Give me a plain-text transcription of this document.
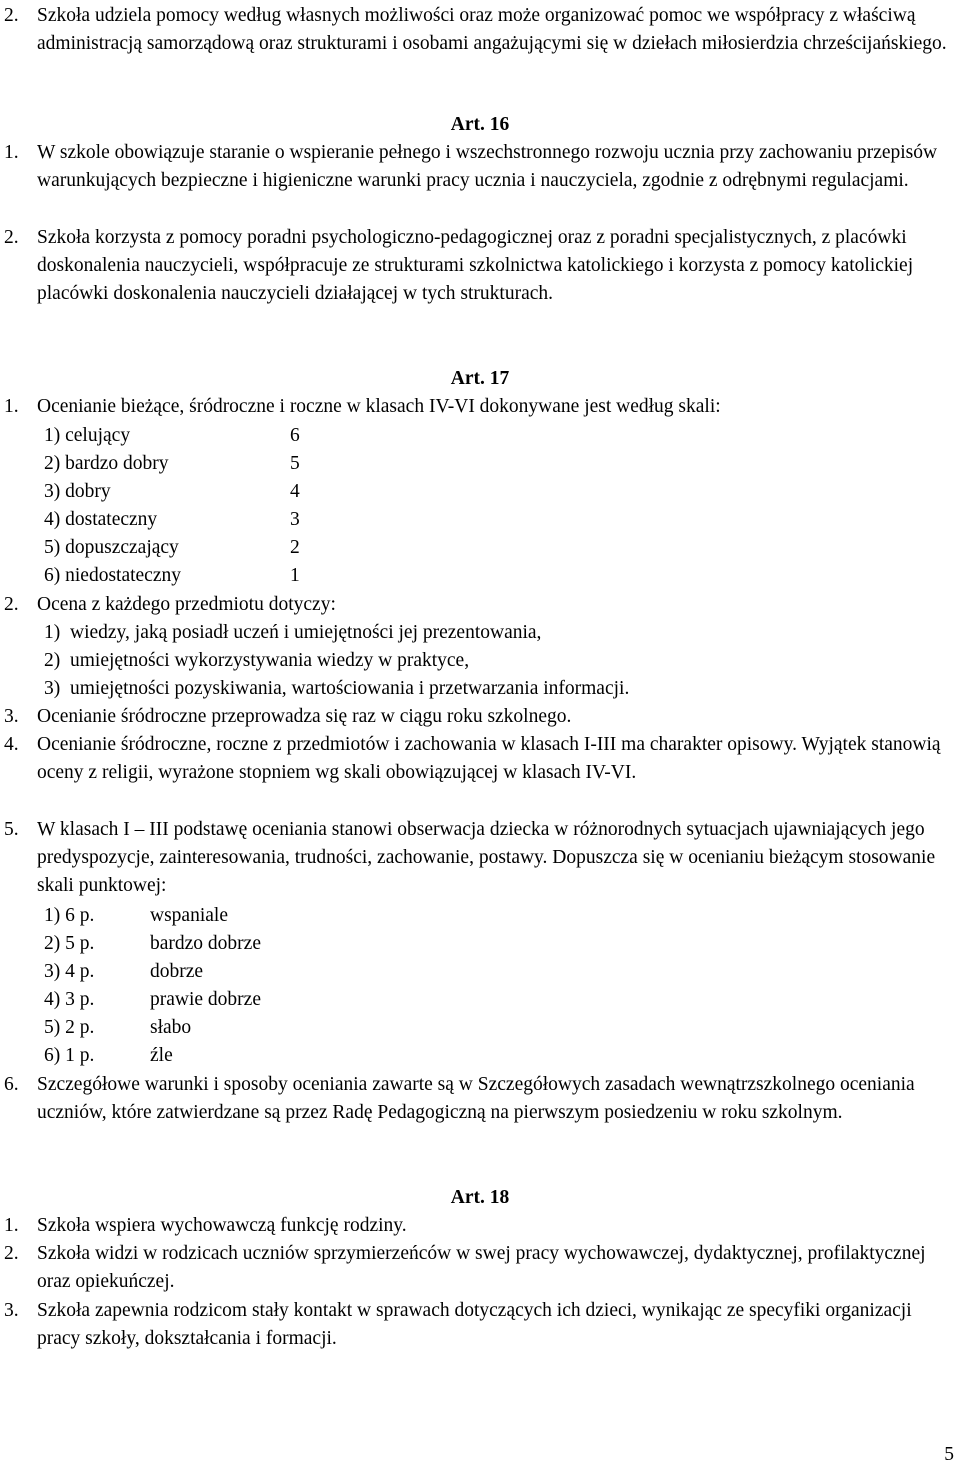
2. Szkoła udziela pomocy według własnych możliwości oraz może organizować pomoc we współpracy z właściwą administracją samorządową oraz strukturami i osobami angażującymi się w dziełach miłosierdzia chrześcijańskiego.
Art. 16
1. W szkole obowiązuje staranie o wspieranie pełnego i wszechstronnego rozwoju ucznia przy zachowaniu przepisów warunkujących bezpieczne i higieniczne warunki pracy ucznia i nauczyciela, zgodnie z odrębnymi regulacjami.
2. Szkoła korzysta z pomocy poradni psychologiczno-pedagogicznej oraz z poradni specjalistycznych, z placówki doskonalenia nauczycieli, współpracuje ze strukturami szkolnictwa katolickiego i korzysta z pomocy katolickiej placówki doskonalenia nauczycieli działającej w tych strukturach.
Art. 17
1. Ocenianie bieżące, śródroczne i roczne w klasach IV-VI dokonywane jest według skali:
1) celujący	6
2) bardzo dobry	5
3) dobry	4
4) dostateczny	3
5) dopuszczający	2
6) niedostateczny	1
2. Ocena z każdego przedmiotu dotyczy:
1) wiedzy, jaką posiadł uczeń i umiejętności jej prezentowania,
2) umiejętności wykorzystywania wiedzy w praktyce,
3) umiejętności pozyskiwania, wartościowania i przetwarzania informacji.
3. Ocenianie śródroczne przeprowadza się raz w ciągu roku szkolnego.
4. Ocenianie śródroczne, roczne z przedmiotów i zachowania w klasach I-III ma charakter opisowy. Wyjątek stanowią oceny z religii, wyrażone stopniem wg skali obowiązującej w klasach IV-VI.
5. W klasach I – III podstawę oceniania stanowi obserwacja dziecka w różnorodnych sytuacjach ujawniających jego predyspozycje, zainteresowania, trudności, zachowanie, postawy. Dopuszcza się w ocenianiu bieżącym stosowanie skali punktowej:
1) 6 p.	wspaniale
2) 5 p.	bardzo dobrze
3) 4 p.	dobrze
4) 3 p.	prawie dobrze
5) 2 p.	słabo
6) 1 p.	źle
6. Szczegółowe warunki i sposoby oceniania zawarte są w Szczegółowych zasadach wewnątrzszkolnego oceniania uczniów, które zatwierdzane są przez Radę Pedagogiczną na pierwszym posiedzeniu w roku szkolnym.
Art. 18
1. Szkoła wspiera wychowawczą funkcję rodziny.
2. Szkoła widzi w rodzicach uczniów sprzymierzeńców w swej pracy wychowawczej, dydaktycznej, profilaktycznej oraz opiekuńczej.
3. Szkoła zapewnia rodzicom stały kontakt w sprawach dotyczących ich dzieci, wynikając ze specyfiki organizacji pracy szkoły, dokształcania i formacji.
5
